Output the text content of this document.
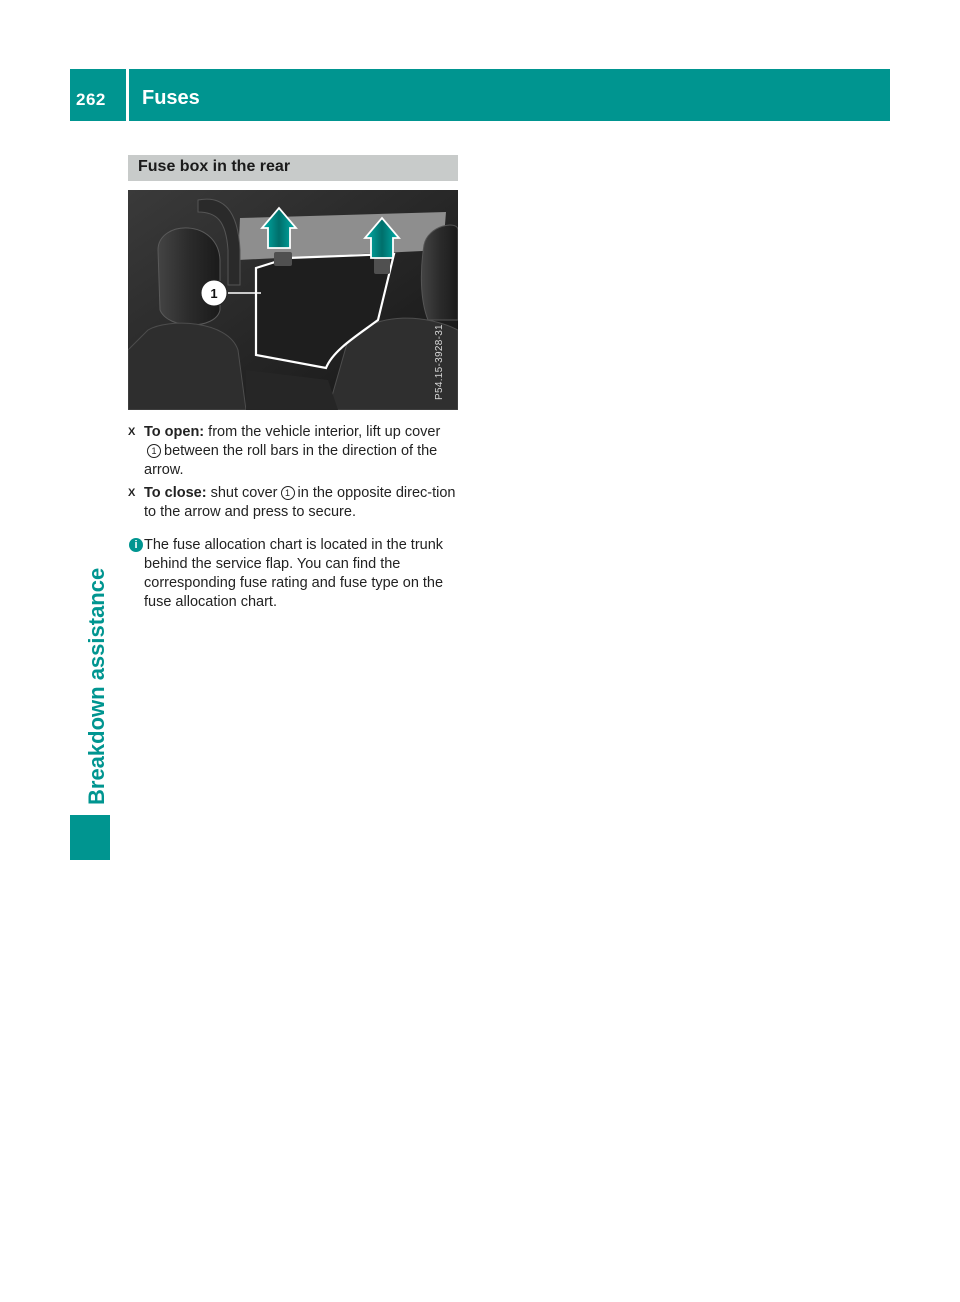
262	Fuses
Breakdown assistance
Fuse box in the rear
1
P54.15-3928-31
X To open: from the vehicle interior, lift up cover1 between the roll bars in the direction of the arrow.
X To close: shut cover 1 in the opposite direc-tion to the arrow and press to secure.
i The fuse allocation chart is located in the trunk behind the service flap. You can find the corresponding fuse rating and fuse type on the fuse allocation chart.
